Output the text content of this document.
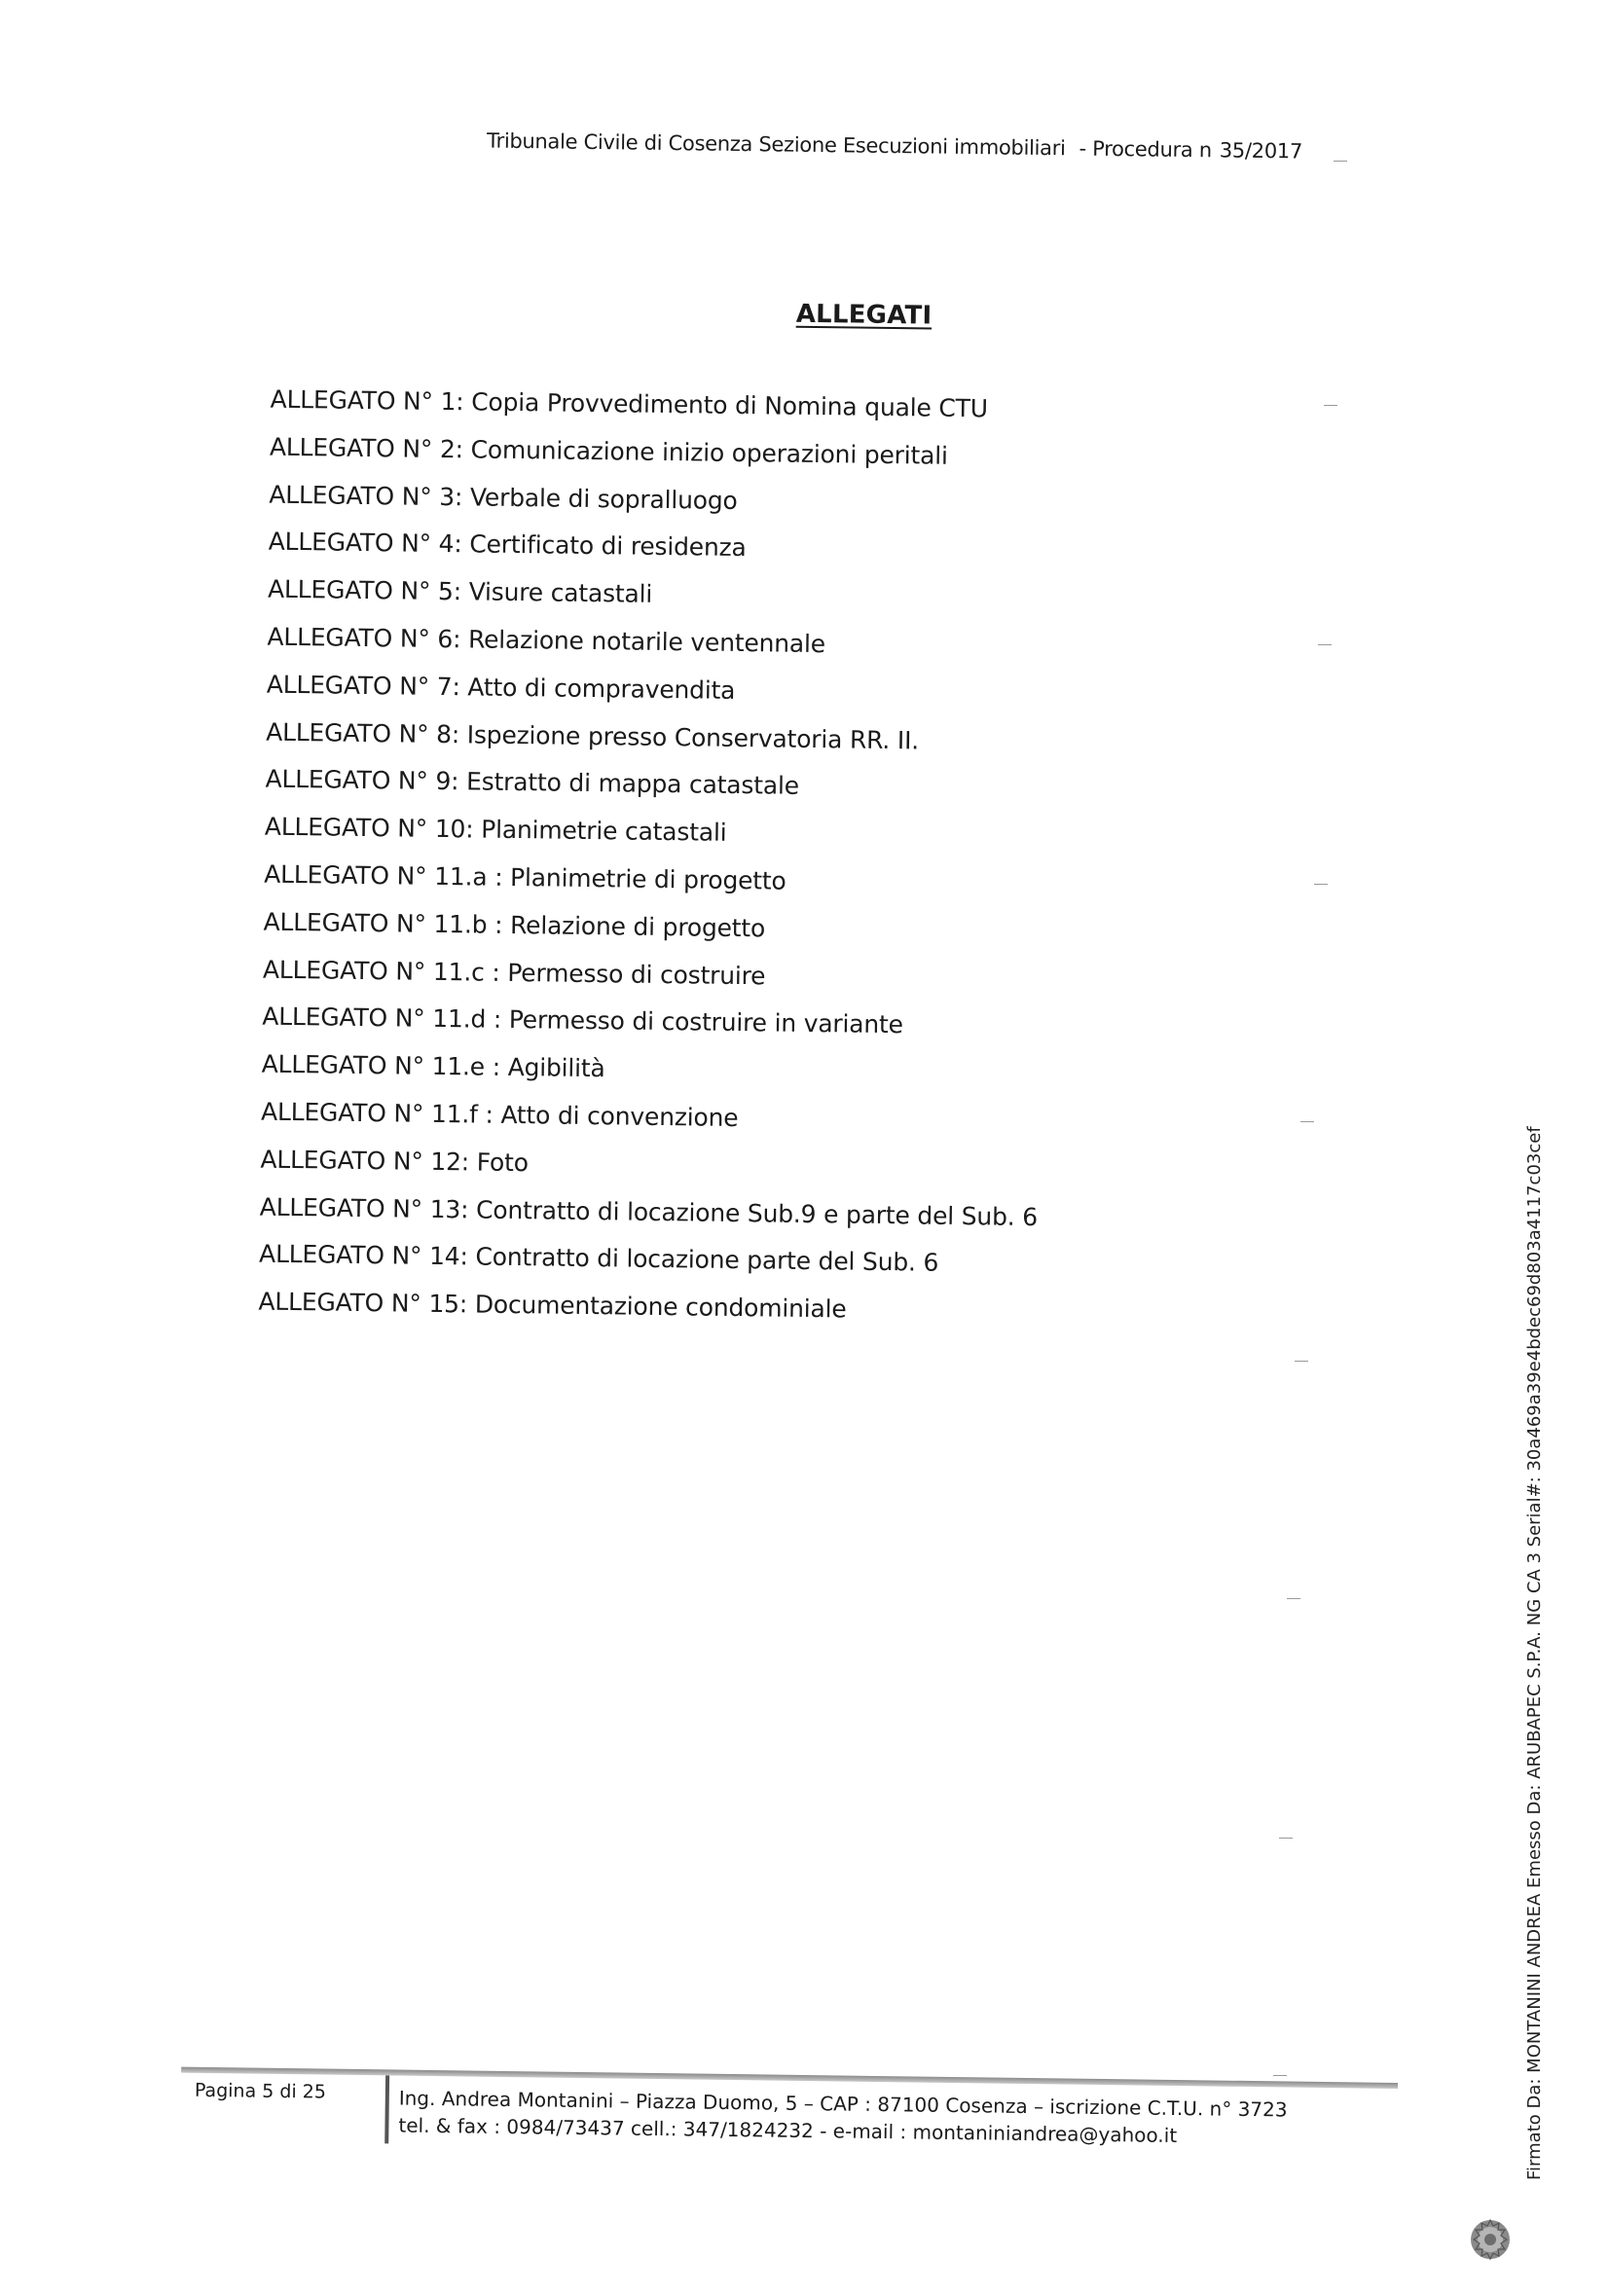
Tribunale Civile di Cosenza Sezione Esecuzioni immobiliari - Procedura n 35/2017
ALLEGATI
ALLEGATO N° 1: Copia Provvedimento di Nomina quale CTU
ALLEGATO N° 2: Comunicazione inizio operazioni peritali
ALLEGATO N° 3: Verbale di sopralluogo
ALLEGATO N° 4: Certificato di residenza
ALLEGATO N° 5: Visure catastali
ALLEGATO N° 6: Relazione notarile ventennale
ALLEGATO N° 7: Atto di compravendita
ALLEGATO N° 8: Ispezione presso Conservatoria RR. II.
ALLEGATO N° 9: Estratto di mappa catastale
ALLEGATO N° 10: Planimetrie catastali
ALLEGATO N° 11.a : Planimetrie di progetto
ALLEGATO N° 11.b : Relazione di progetto
ALLEGATO N° 11.c : Permesso di costruire
ALLEGATO N° 11.d : Permesso di costruire in variante
ALLEGATO N° 11.e : Agibilità
ALLEGATO N° 11.f : Atto di convenzione
ALLEGATO N° 12: Foto
ALLEGATO N° 13: Contratto di locazione Sub.9 e parte del Sub. 6
ALLEGATO N° 14: Contratto di locazione parte del Sub. 6
ALLEGATO N° 15: Documentazione condominiale
Pagina 5 di 25	Ing. Andrea Montanini – Piazza Duomo, 5 – CAP : 87100 Cosenza – iscrizione C.T.U. n° 3723
tel. & fax : 0984/73437 cell.: 347/1824232 - e-mail : montaniniandrea@yahoo.it	Firmato Da: MONTANINI ANDREA Emesso Da: ARUBAPEC S.P.A. NG CA 3 Serial#: 30a469a39e4bdec69d803a4117c03cef
